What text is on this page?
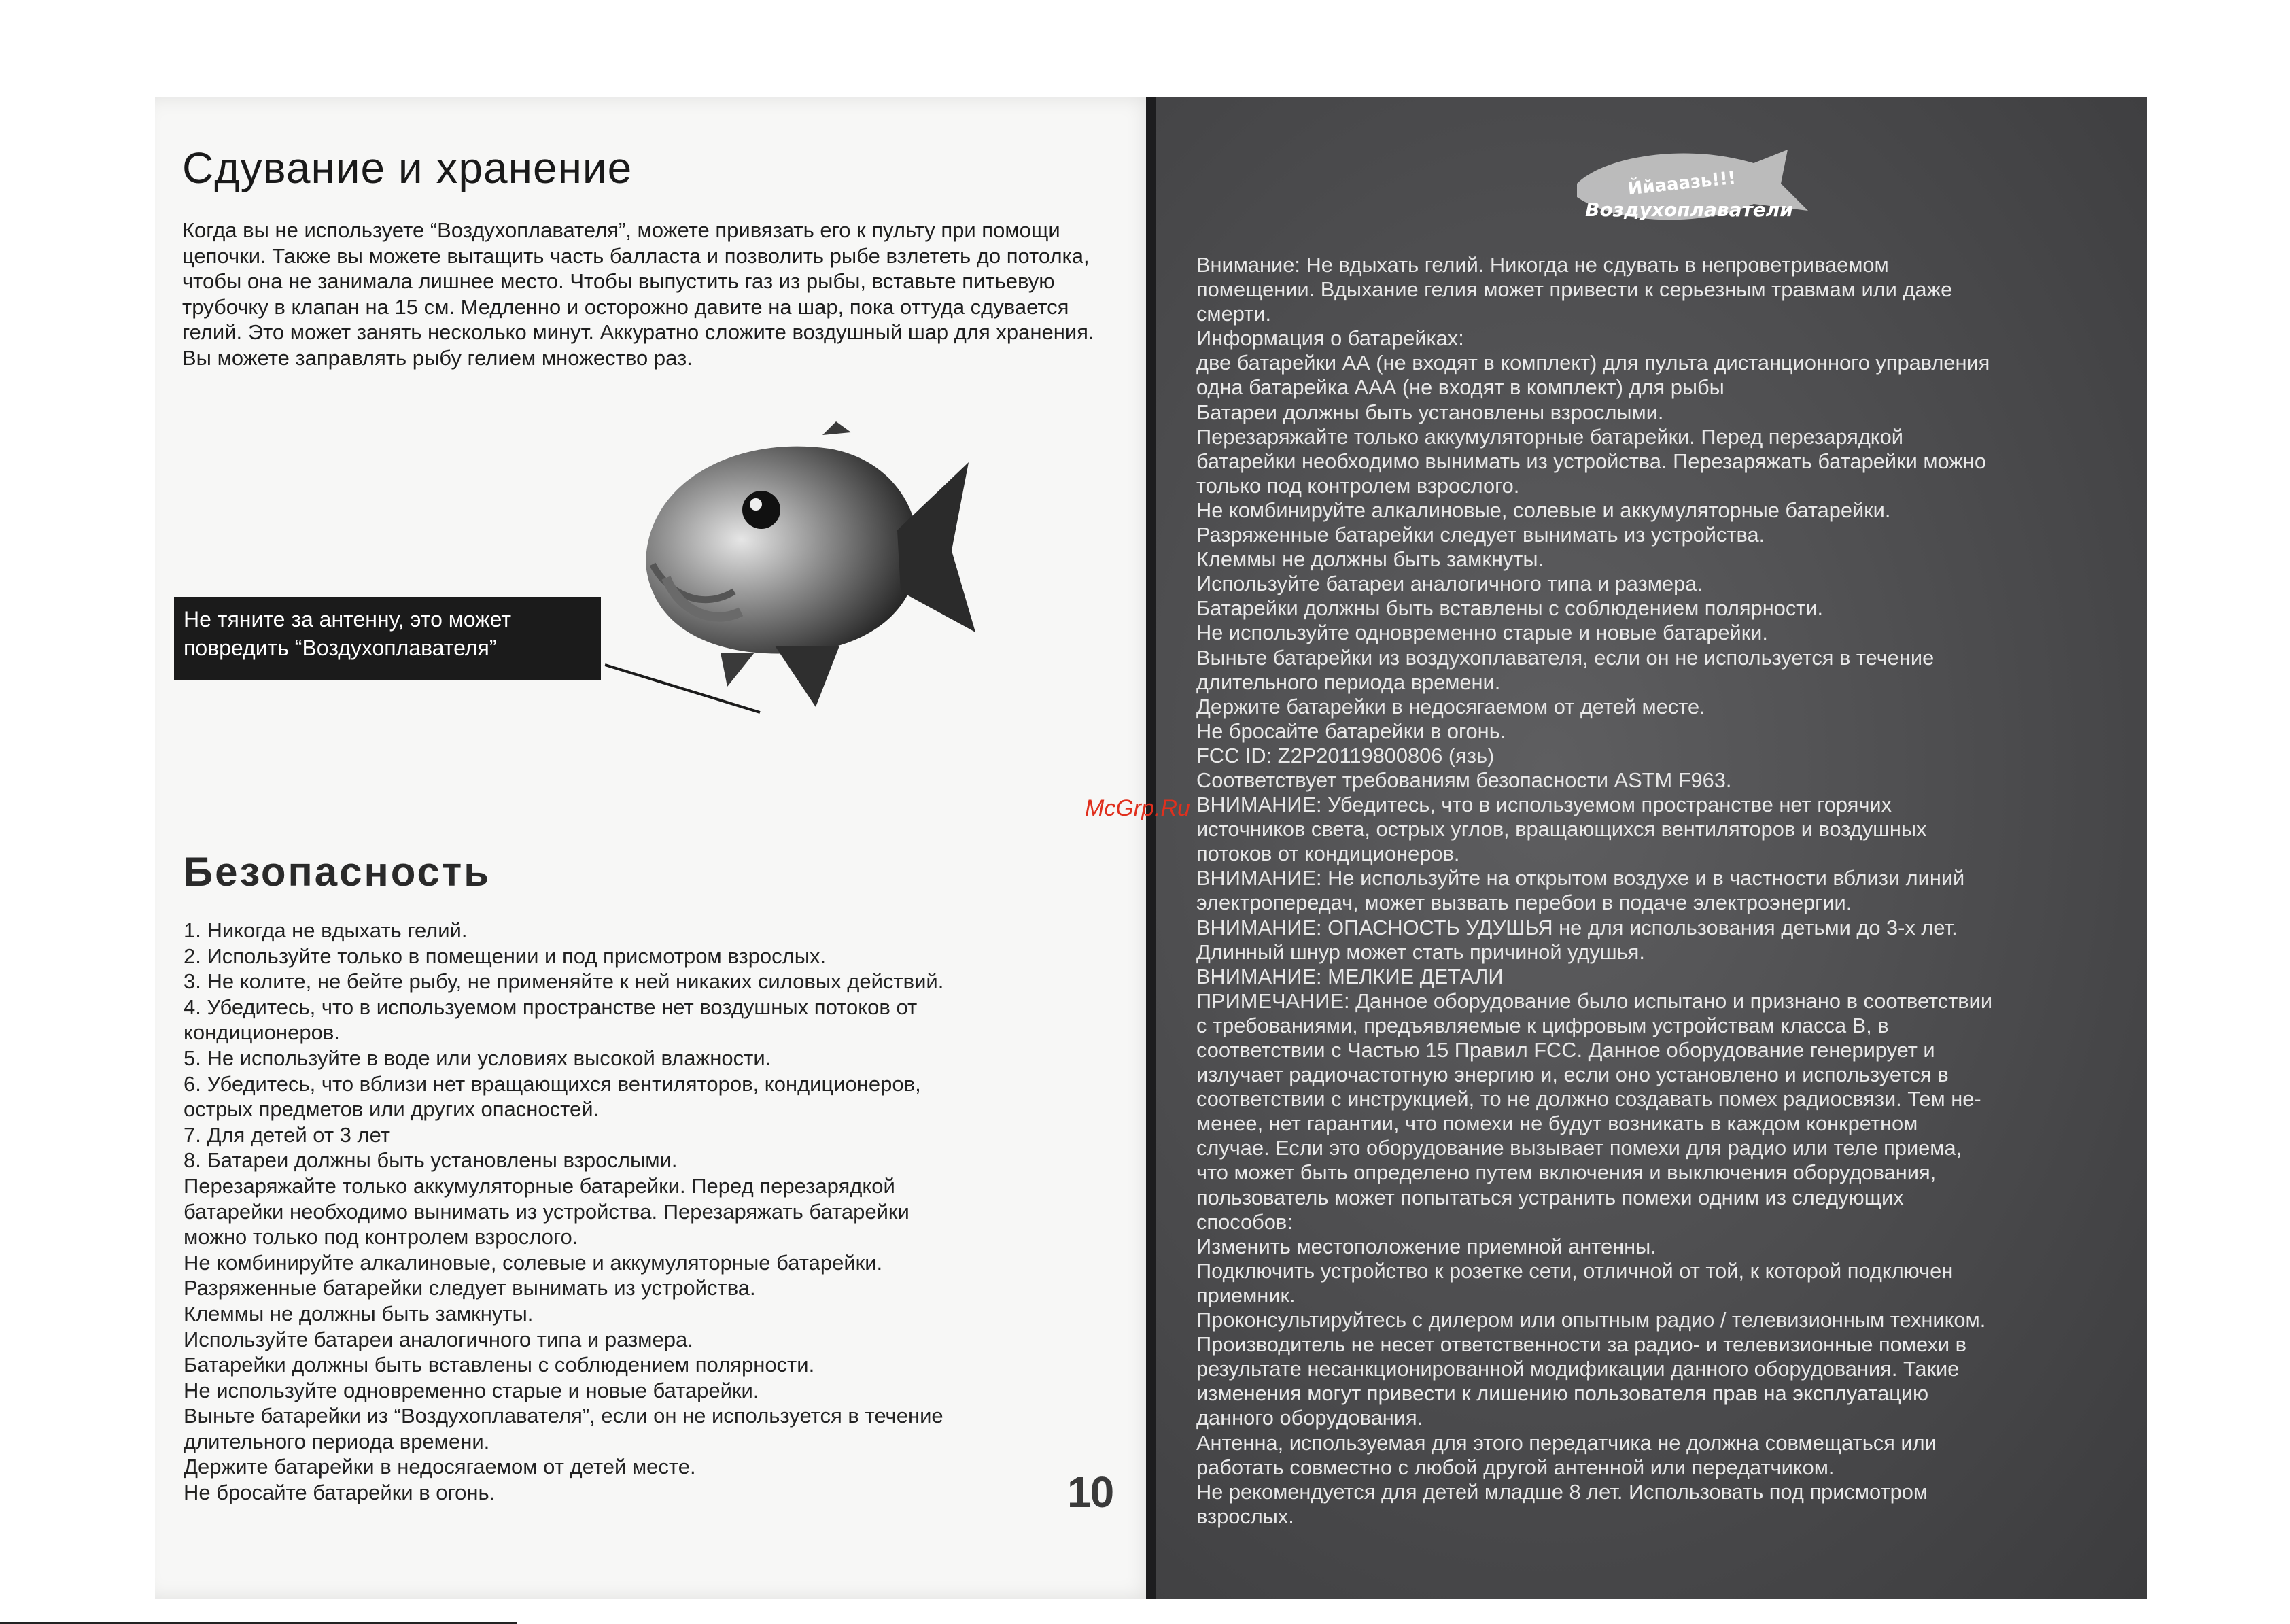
Сдувание и хранение

Когда вы не используете “Воздухоплавателя”, можете привязать его к пульту при помощи цепочки. Также вы можете вытащить часть балласта и позволить рыбе взлететь до потолка, чтобы она не занимала лишнее место. Чтобы выпустить газ из рыбы, вставьте питьевую трубочку в клапан на 15 см. Медленно и осторожно давите на шар, пока оттуда сдувается гелий. Это может занять несколько минут. Аккуратно сложите воздушный шар для хранения. Вы можете заправлять рыбу гелием множество раз.

Не тяните за антенну, это может повредить “Воздухоплавателя”
Безопасность
1. Никогда не вдыхать гелий.
2. Используйте только в помещении и под присмотром взрослых.
3. Не колите, не бейте рыбу, не применяйте к ней никаких силовых действий.
4. Убедитесь, что в используемом пространстве нет воздушных потоков от
кондиционеров.
5. Не используйте в воде или условиях высокой влажности.
6. Убедитесь, что вблизи нет вращающихся вентиляторов, кондиционеров,
острых предметов или других опасностей.
7. Для детей от 3 лет
8. Батареи должны быть установлены взрослыми.
Перезаряжайте только аккумуляторные батарейки. Перед перезарядкой
батарейки необходимо вынимать из устройства. Перезаряжать батарейки
можно только под контролем взрослого.
Не комбинируйте алкалиновые, солевые и аккумуляторные батарейки.
Разряженные батарейки следует вынимать из устройства.
Клеммы не должны быть замкнуты.
Используйте батареи аналогичного типа и размера.
Батарейки должны быть вставлены с соблюдением полярности.
Не используйте одновременно старые и новые батарейки.
Выньте батарейки из “Воздухоплавателя”, если он не используется в течение
длительного периода времени.
Держите батарейки в недосягаемом от детей месте.
Не бросайте батарейки в огонь.	10
Ййааазь!!!
Воздухоплаватели
Внимание: Не вдыхать гелий. Никогда не сдувать в непроветриваемом
помещении. Вдыхание гелия может привести к серьезным травмам или даже
смерти.
Информация о батарейках:
две батарейки АА (не входят в комплект) для пульта дистанционного управления
одна батарейка ААА (не входят в комплект) для рыбы
Батареи должны быть установлены взрослыми.
Перезаряжайте только аккумуляторные батарейки. Перед перезарядкой
батарейки необходимо вынимать из устройства. Перезаряжать батарейки можно
только под контролем взрослого.
Не комбинируйте алкалиновые, солевые и аккумуляторные батарейки.
Разряженные батарейки следует вынимать из устройства.
Клеммы не должны быть замкнуты.
Используйте батареи аналогичного типа и размера.
Батарейки должны быть вставлены с соблюдением полярности.
Не используйте одновременно старые и новые батарейки.
Выньте батарейки из воздухоплавателя, если он не используется в течение
длительного периода времени.
Держите батарейки в недосягаемом от детей месте.
Не бросайте батарейки в огонь.
FCC ID: Z2P20119800806 (язь)
Соответствует требованиям безопасности ASTM F963.
ВНИМАНИЕ: Убедитесь, что в используемом пространстве нет горячих
источников света, острых углов, вращающихся вентиляторов и воздушных
потоков от кондиционеров.
ВНИМАНИЕ: Не используйте на открытом воздухе и в частности вблизи линий
электропередач, может вызвать перебои в подаче электроэнергии.
ВНИМАНИЕ: ОПАСНОСТЬ УДУШЬЯ не для использования детьми до 3-х лет.
Длинный шнур может стать причиной удушья.
ВНИМАНИЕ: МЕЛКИЕ ДЕТАЛИ
ПРИМЕЧАНИЕ: Данное оборудование было испытано и признано в соответствии
с требованиями, предъявляемые к цифровым устройствам класса B, в
соответствии с Частью 15 Правил FCC. Данное оборудование генерирует и
излучает радиочастотную энергию и, если оно установлено и используется в
соответствии с инструкцией, то не должно создавать помех радиосвязи. Тем не-
менее, нет гарантии, что помехи не будут возникать в каждом конкретном
случае. Если это оборудование вызывает помехи для радио или теле приема,
что может быть определено путем включения и выключения оборудования,
пользователь может попытаться устранить помехи одним из следующих
способов:
Изменить местоположение приемной антенны.
Подключить устройство к розетке сети, отличной от той, к которой подключен
приемник.
Проконсультируйтесь с дилером или опытным радио / телевизионным техником.
Производитель не несет ответственности за радио- и телевизионные помехи в
результате несанкционированной модификации данного оборудования. Такие
изменения могут привести к лишению пользователя прав на эксплуатацию
данного оборудования.
Антенна, используемая для этого передатчика не должна совмещаться или
работать совместно с любой другой антенной или передатчиком.
Не рекомендуется для детей младше 8 лет. Использовать под присмотром
взрослых.
McGrp.Ru
